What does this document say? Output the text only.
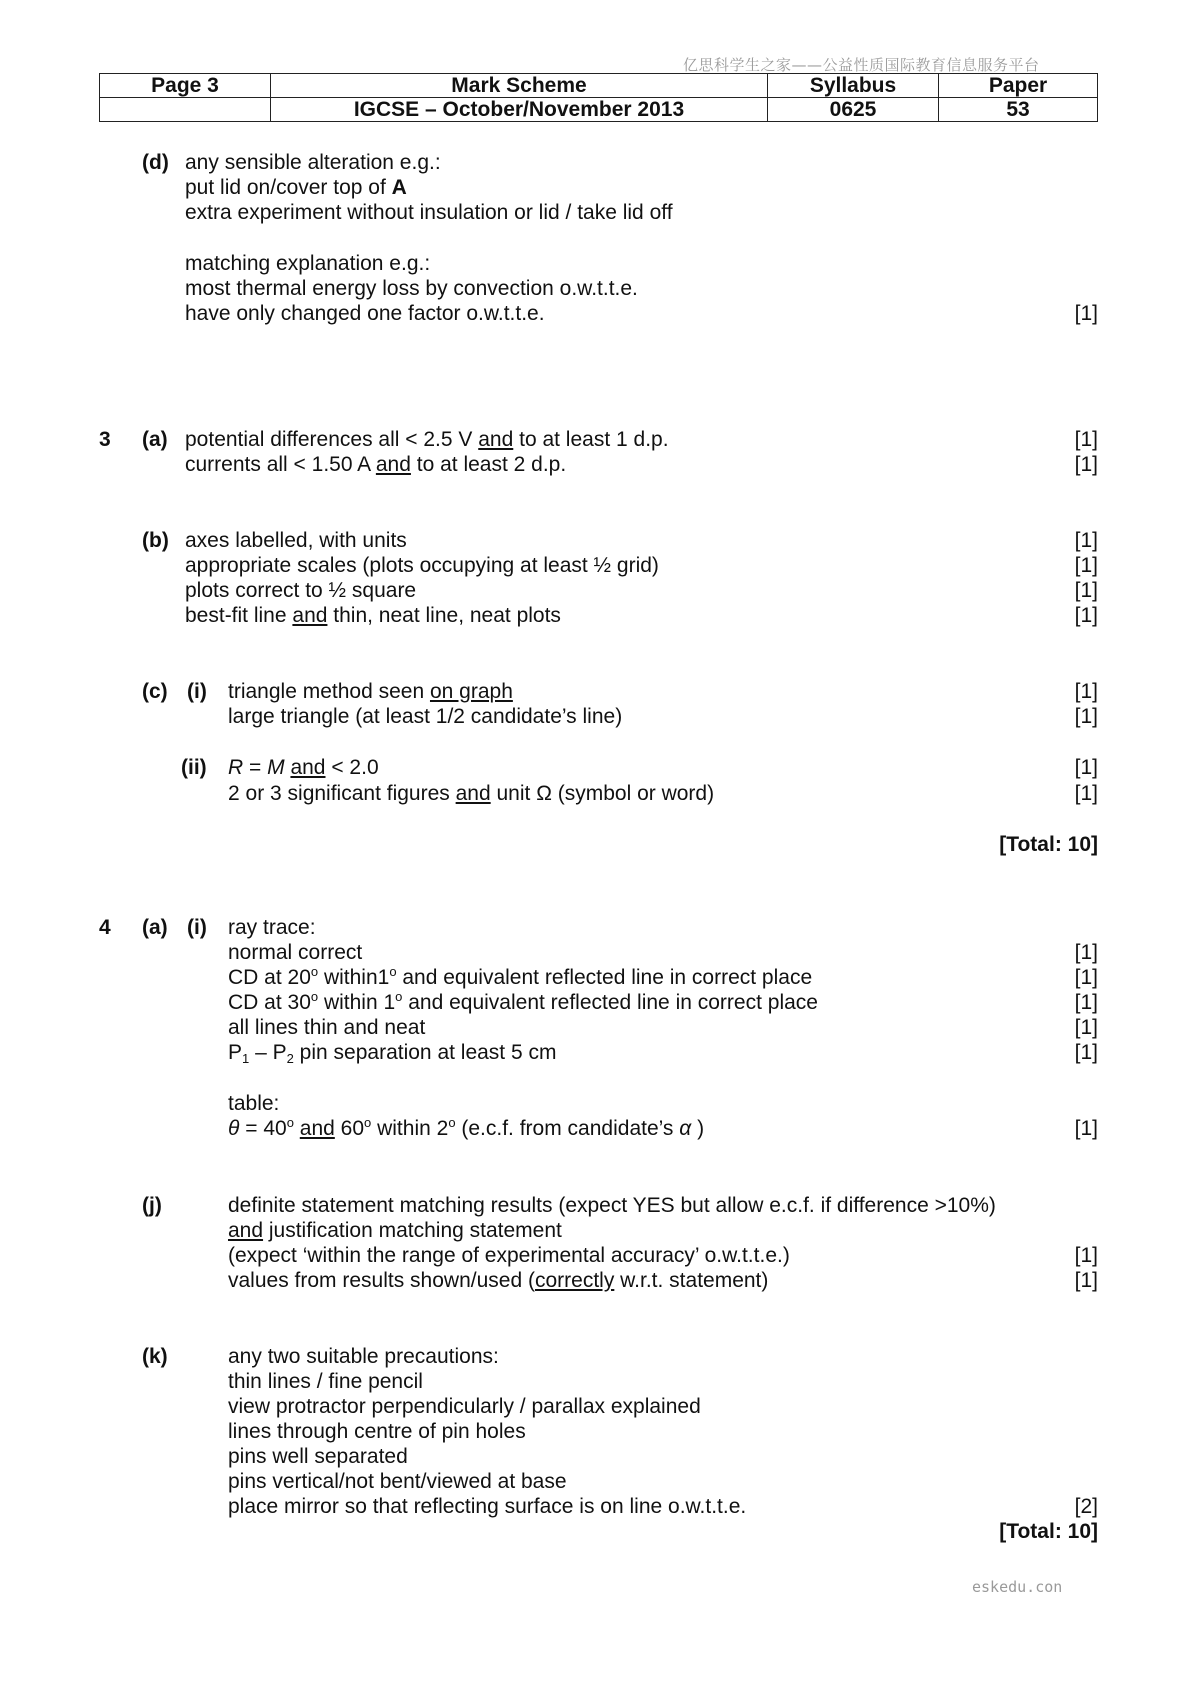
亿思科学生之家——公益性质国际教育信息服务平台
Page 3	Mark Scheme	Syllabus	Paper
	IGCSE – October/November 2013	0625	53
(d) any sensible alteration e.g.:
put lid on/cover top of A
extra experiment without insulation or lid / take lid off
matching explanation e.g.:
most thermal energy loss by convection o.w.t.t.e.
have only changed one factor o.w.t.t.e.	[1]
3 (a) potential differences all < 2.5 V and to at least 1 d.p.	[1]
currents all < 1.50 A and to at least 2 d.p.	[1]
(b) axes labelled, with units	[1]
appropriate scales (plots occupying at least ½ grid)	[1]
plots correct to ½ square	[1]
best-fit line and thin, neat line, neat plots	[1]
(c) (i) triangle method seen on graph	[1]
large triangle (at least 1/2 candidate’s line)	[1]
(ii) R = M and < 2.0	[1]
2 or 3 significant figures and unit Ω (symbol or word)	[1]
[Total: 10]
4 (a) (i) ray trace:
normal correct	[1]
CD at 20$^o$ within1$^o$ and equivalent reflected line in correct place	[1]
CD at 30$^o$ within 1$^o$ and equivalent reflected line in correct place	[1]
all lines thin and neat	[1]
$P_1 - P_2$ pin separation at least 5 cm	[1]
table:
$\theta = 40^o$ and 60$^o$ within 2$^o$ (e.c.f. from candidate’s α )	[1]
(j)	definite statement matching results (expect YES but allow e.c.f. if difference >10%)
and justification matching statement
(expect ‘within the range of experimental accuracy’ o.w.t.t.e.)	[1]
values from results shown/used (correctly w.r.t. statement)	[1]
(k)	any two suitable precautions:
thin lines / fine pencil
view protractor perpendicularly / parallax explained
lines through centre of pin holes
pins well separated
pins vertical/not bent/viewed at base
place mirror so that reflecting surface is on line o.w.t.t.e.	[2]
[Total: 10]
eskedu.con
